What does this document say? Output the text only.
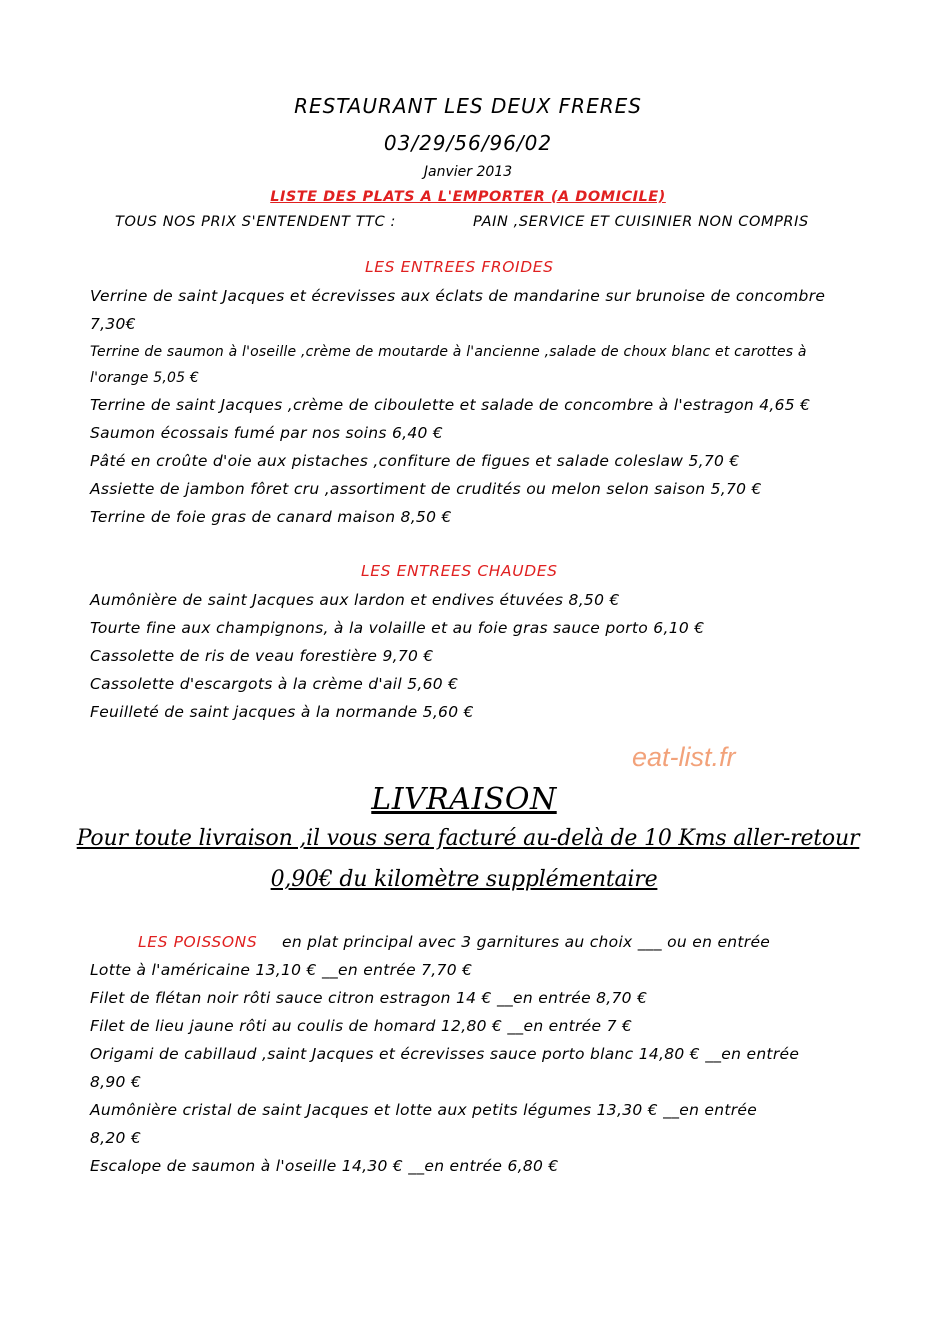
RESTAURANT LES DEUX FRERES
03/29/56/96/02
Janvier 2013
LISTE DES PLATS A L'EMPORTER (A DOMICILE)
TOUS NOS PRIX S'ENTENDENT TTC :	PAIN ,SERVICE ET CUISINIER NON COMPRIS
LES ENTREES FROIDES
Verrine de saint Jacques et écrevisses aux éclats de mandarine sur brunoise de concombre
7,30€
Terrine de saumon à l'oseille ,crème de moutarde à l'ancienne ,salade de choux blanc et carottes à
l'orange 5,05 €
Terrine de saint Jacques ,crème de ciboulette et salade de concombre à l'estragon 4,65 €
Saumon écossais fumé par nos soins 6,40 €
Pâté en croûte d'oie aux pistaches ,confiture de figues et salade coleslaw 5,70 €
Assiette de jambon fôret cru ,assortiment de crudités ou melon selon saison 5,70 €
Terrine de foie gras de canard maison 8,50 €
LES ENTREES CHAUDES
Aumônière de saint Jacques aux lardon et endives étuvées 8,50 €
Tourte fine aux champignons, à la volaille et au foie gras sauce porto 6,10 €
Cassolette de ris de veau forestière 9,70 €
Cassolette d'escargots à la crème d'ail 5,60 €
Feuilleté de saint jacques à la normande 5,60 €
eat-list.fr
LIVRAISON
Pour toute livraison ,il vous sera facturé au-delà de 10 Kms aller-retour
0,90€ du kilomètre supplémentaire
LES POISSONS en plat principal avec 3 garnitures au choix ___ ou en entrée
Lotte à l'américaine 13,10 € __en entrée 7,70 €
Filet de flétan noir rôti sauce citron estragon 14 € __en entrée 8,70 €
Filet de lieu jaune rôti au coulis de homard 12,80 € __en entrée 7 €
Origami de cabillaud ,saint Jacques et écrevisses sauce porto blanc 14,80 € __en entrée
8,90 €
Aumônière cristal de saint Jacques et lotte aux petits légumes 13,30 € __en entrée
8,20 €
Escalope de saumon à l'oseille 14,30 € __en entrée 6,80 €
